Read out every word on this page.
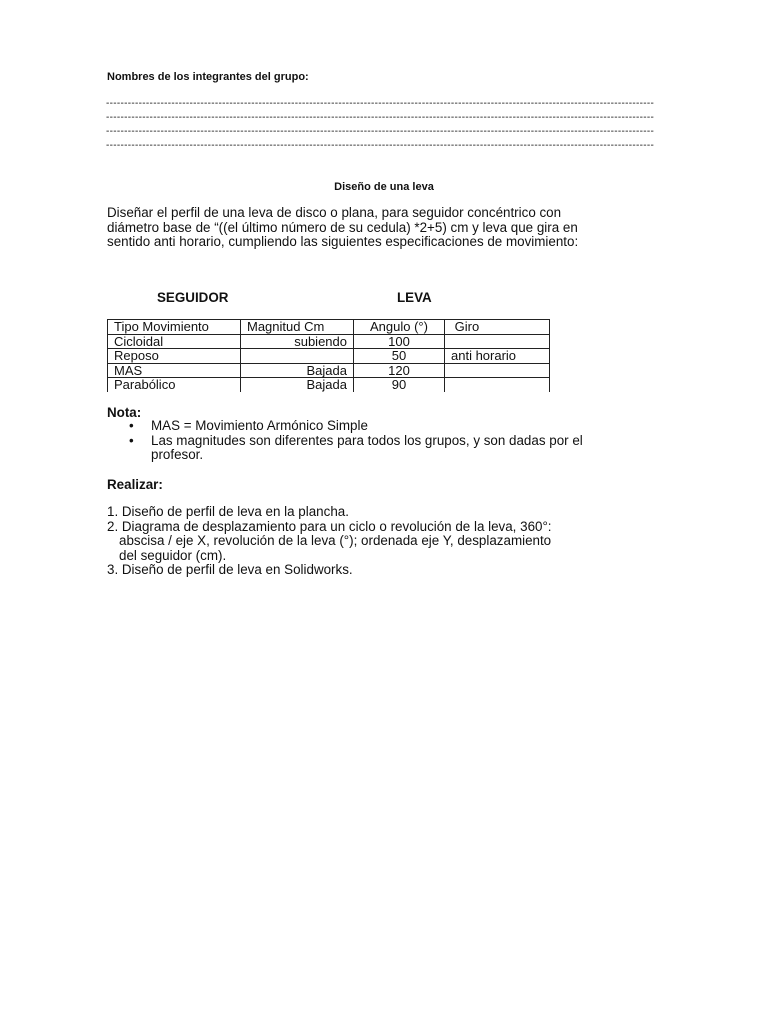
Nombres de los integrantes del grupo:
-------------------------------------------------------------------------------------------------------------------------------------------------------
-------------------------------------------------------------------------------------------------------------------------------------------------------
-------------------------------------------------------------------------------------------------------------------------------------------------------
-------------------------------------------------------------------------------------------------------------------------------------------------------
Diseño de una leva
Diseñar el perfil de una leva de disco o plana, para seguidor concéntrico con
diámetro base de “((el último número de su cedula) *2+5) cm y leva que gira en
sentido anti horario, cumpliendo las siguientes especificaciones de movimiento:
SEGUIDOR	LEVA
Tipo Movimiento	Magnitud Cm	Angulo (°)	Giro
Cicloidal	subiendo	100	
Reposo		50	anti horario
MAS	Bajada	120	
Parabólico	Bajada	90	
Nota:
• MAS = Movimiento Armónico Simple
• Las magnitudes son diferentes para todos los grupos, y son dadas por el
profesor.
Realizar:
1. Diseño de perfil de leva en la plancha.
2. Diagrama de desplazamiento para un ciclo o revolución de la leva, 360°:
abscisa / eje X, revolución de la leva (°); ordenada eje Y, desplazamiento
del seguidor (cm).
3. Diseño de perfil de leva en Solidworks.
